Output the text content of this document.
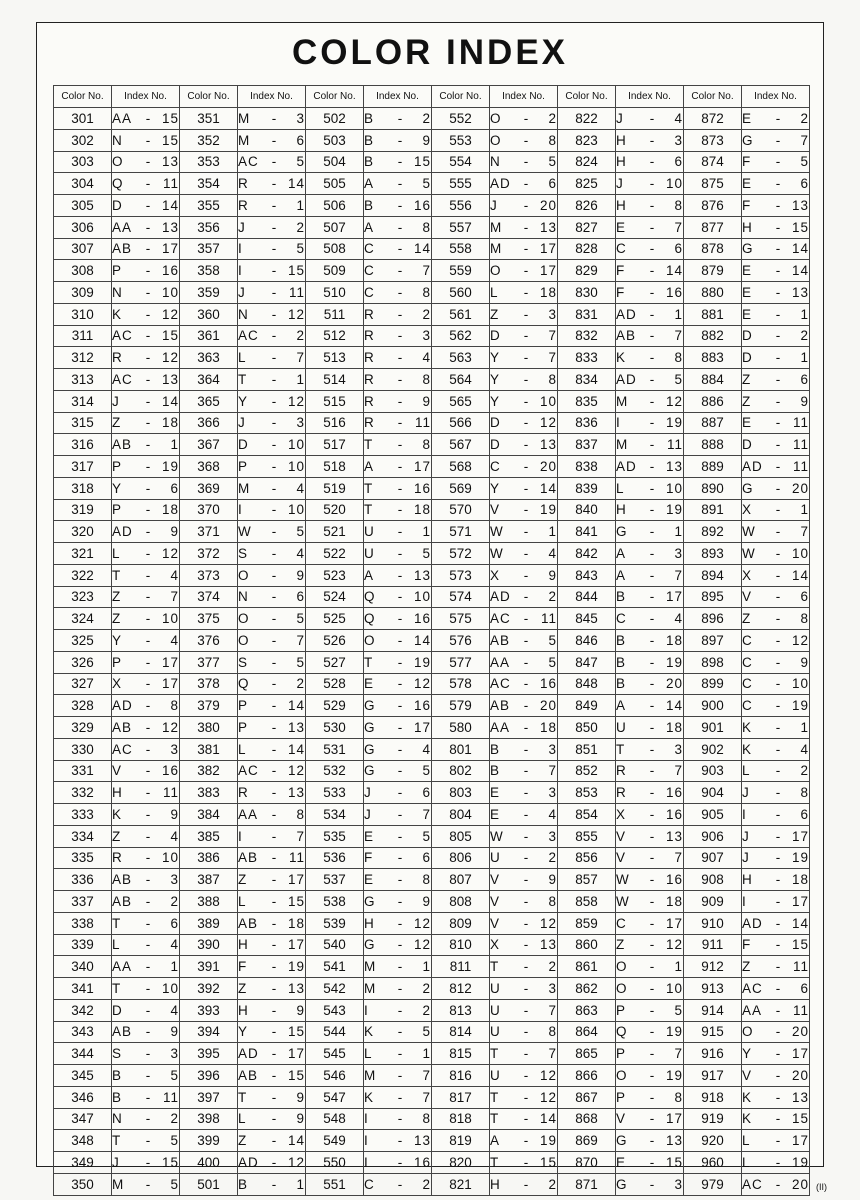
COLOR INDEX
Color No.	Index No.	Color No.	Index No.	Color No.	Index No.	Color No.	Index No.	Color No.	Index No.	Color No.	Index No.
301	AA - 15	351	M - 3	502	B - 2	552	O - 2	822	J - 4	872	E - 2

302	N - 15	352	M - 6	503	B - 9	553	O - 8	823	H - 3	873	G - 7

303	O - 13	353	AC - 5	504	B - 15	554	N - 5	824	H - 6	874	F - 5

304	Q - 11	354	R - 14	505	A - 5	555	AD - 6	825	J - 10	875	E - 6

305	D - 14	355	R - 1	506	B - 16	556	J - 20	826	H - 8	876	F - 13

306	AA - 13	356	J - 2	507	A - 8	557	M - 13	827	E - 7	877	H - 15

307	AB - 17	357	I - 5	508	C - 14	558	M - 17	828	C - 6	878	G - 14

308	P - 16	358	I - 15	509	C - 7	559	O - 17	829	F - 14	879	E - 14

309	N - 10	359	J - 11	510	C - 8	560	L - 18	830	F - 16	880	E - 13

310	K - 12	360	N - 12	511	R - 2	561	Z - 3	831	AD - 1	881	E - 1

311	AC - 15	361	AC - 2	512	R - 3	562	D - 7	832	AB - 7	882	D - 2

312	R - 12	363	L - 7	513	R - 4	563	Y - 7	833	K - 8	883	D - 1

313	AC - 13	364	T - 1	514	R - 8	564	Y - 8	834	AD - 5	884	Z - 6

314	J - 14	365	Y - 12	515	R - 9	565	Y - 10	835	M - 12	886	Z - 9

315	Z - 18	366	J - 3	516	R - 11	566	D - 12	836	I - 19	887	E - 11

316	AB - 1	367	D - 10	517	T - 8	567	D - 13	837	M - 11	888	D - 11

317	P - 19	368	P - 10	518	A - 17	568	C - 20	838	AD - 13	889	AD - 11

318	Y - 6	369	M - 4	519	T - 16	569	Y - 14	839	L - 10	890	G - 20

319	P - 18	370	I - 10	520	T - 18	570	V - 19	840	H - 19	891	X - 1

320	AD - 9	371	W - 5	521	U - 1	571	W - 1	841	G - 1	892	W - 7

321	L - 12	372	S - 4	522	U - 5	572	W - 4	842	A - 3	893	W - 10

322	T - 4	373	O - 9	523	A - 13	573	X - 9	843	A - 7	894	X - 14

323	Z - 7	374	N - 6	524	Q - 10	574	AD - 2	844	B - 17	895	V - 6

324	Z - 10	375	O - 5	525	Q - 16	575	AC - 11	845	C - 4	896	Z - 8

325	Y - 4	376	O - 7	526	O - 14	576	AB - 5	846	B - 18	897	C - 12

326	P - 17	377	S - 5	527	T - 19	577	AA - 5	847	B - 19	898	C - 9

327	X - 17	378	Q - 2	528	E - 12	578	AC - 16	848	B - 20	899	C - 10

328	AD - 8	379	P - 14	529	G - 16	579	AB - 20	849	A - 14	900	C - 19

329	AB - 12	380	P - 13	530	G - 17	580	AA - 18	850	U - 18	901	K - 1

330	AC - 3	381	L - 14	531	G - 4	801	B - 3	851	T - 3	902	K - 4

331	V - 16	382	AC - 12	532	G - 5	802	B - 7	852	R - 7	903	L - 2

332	H - 11	383	R - 13	533	J - 6	803	E - 3	853	R - 16	904	J - 8

333	K - 9	384	AA - 8	534	J - 7	804	E - 4	854	X - 16	905	I - 6

334	Z - 4	385	I - 7	535	E - 5	805	W - 3	855	V - 13	906	J - 17

335	R - 10	386	AB - 11	536	F - 6	806	U - 2	856	V - 7	907	J - 19

336	AB - 3	387	Z - 17	537	E - 8	807	V - 9	857	W - 16	908	H - 18

337	AB - 2	388	L - 15	538	G - 9	808	V - 8	858	W - 18	909	I - 17

338	T - 6	389	AB - 18	539	H - 12	809	V - 12	859	C - 17	910	AD - 14

339	L - 4	390	H - 17	540	G - 12	810	X - 13	860	Z - 12	911	F - 15

340	AA - 1	391	F - 19	541	M - 1	811	T - 2	861	O - 1	912	Z - 11

341	T - 10	392	Z - 13	542	M - 2	812	U - 3	862	O - 10	913	AC - 6

342	D - 4	393	H - 9	543	I - 2	813	U - 7	863	P - 5	914	AA - 11

343	AB - 9	394	Y - 15	544	K - 5	814	U - 8	864	Q - 19	915	O - 20

344	S - 3	395	AD - 17	545	L - 1	815	T - 7	865	P - 7	916	Y - 17

345	B - 5	396	AB - 15	546	M - 7	816	U - 12	866	O - 19	917	V - 20

346	B - 11	397	T - 9	547	K - 7	817	T - 12	867	P - 8	918	K - 13

347	N - 2	398	L - 9	548	I - 8	818	T - 14	868	V - 17	919	K - 15

348	T - 5	399	Z - 14	549	I - 13	819	A - 19	869	G - 13	920	L - 17

349	J - 15	400	AD - 12	550	I - 16	820	T - 15	870	E - 15	960	L - 19

350	M - 5	501	B - 1	551	C - 2	821	H - 2	871	G - 3	979	AC - 20 (II)
